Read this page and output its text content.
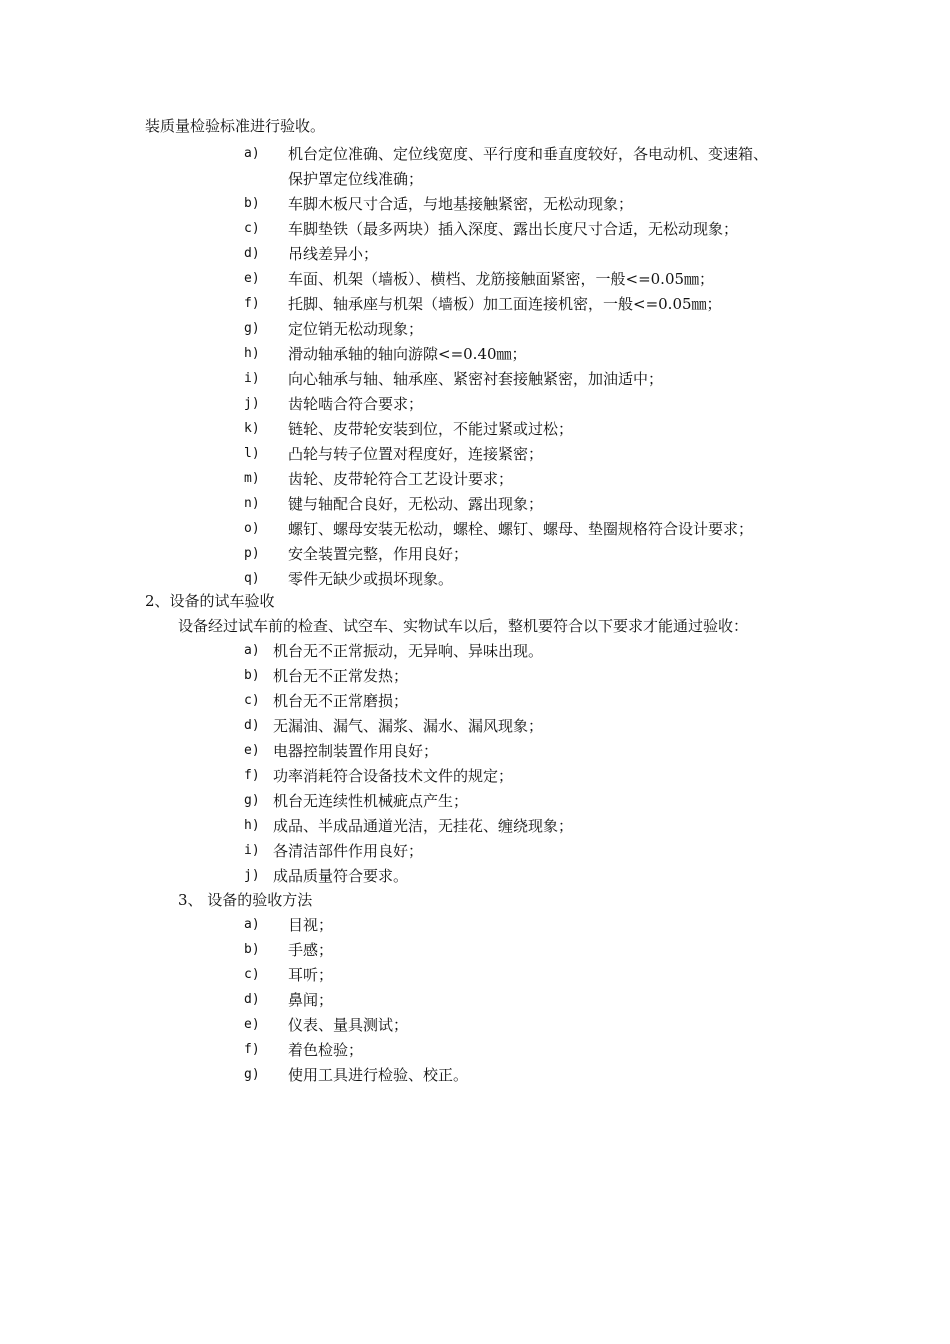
装质量检验标准进行验收。
a) 机台定位准确、定位线宽度、平行度和垂直度较好，各电动机、变速箱、
保护罩定位线准确；
b) 车脚木板尺寸合适，与地基接触紧密，无松动现象；
c) 车脚垫铁（最多两块）插入深度、露出长度尺寸合适，无松动现象；
d) 吊线差异小；
e) 车面、机架（墙板）、横档、龙筋接触面紧密，一般<=0.05㎜；
f) 托脚、轴承座与机架（墙板）加工面连接机密，一般<=0.05㎜；
g) 定位销无松动现象；
h) 滑动轴承轴的轴向游隙<=0.40㎜；
i) 向心轴承与轴、轴承座、紧密衬套接触紧密，加油适中；
j) 齿轮啮合符合要求；
k) 链轮、皮带轮安装到位，不能过紧或过松；
l) 凸轮与转子位置对程度好，连接紧密；
m) 齿轮、皮带轮符合工艺设计要求；
n) 键与轴配合良好，无松动、露出现象；
o) 螺钉、螺母安装无松动，螺栓、螺钉、螺母、垫圈规格符合设计要求；
p) 安全装置完整，作用良好；
q) 零件无缺少或损坏现象。
2、设备的试车验收
设备经过试车前的检查、试空车、实物试车以后，整机要符合以下要求才能通过验收：
a) 机台无不正常振动，无异响、异味出现。
b) 机台无不正常发热；
c) 机台无不正常磨损；
d) 无漏油、漏气、漏浆、漏水、漏风现象；
e) 电器控制装置作用良好；
f) 功率消耗符合设备技术文件的规定；
g) 机台无连续性机械疵点产生；
h) 成品、半成品通道光洁，无挂花、缠绕现象；
i) 各清洁部件作用良好；
j) 成品质量符合要求。
3、 设备的验收方法
a) 目视；
b) 手感；
c) 耳听；
d) 鼻闻；
e) 仪表、量具测试；
f) 着色检验；
g) 使用工具进行检验、校正。
